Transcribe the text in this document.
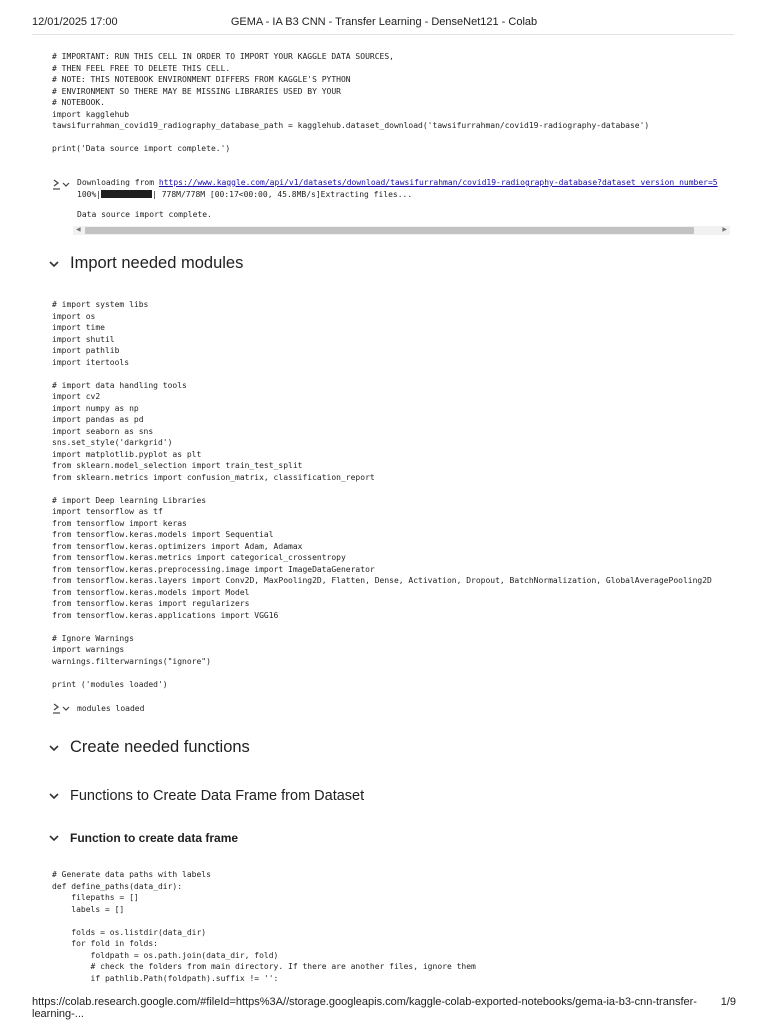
12/01/2025 17:00	GEMA - IA B3 CNN - Transfer Learning - DenseNet121 - Colab
# IMPORTANT: RUN THIS CELL IN ORDER TO IMPORT YOUR KAGGLE DATA SOURCES,
# THEN FEEL FREE TO DELETE THIS CELL.
# NOTE: THIS NOTEBOOK ENVIRONMENT DIFFERS FROM KAGGLE'S PYTHON
# ENVIRONMENT SO THERE MAY BE MISSING LIBRARIES USED BY YOUR
# NOTEBOOK.
import kagglehub
tawsifurrahman_covid19_radiography_database_path = kagglehub.dataset_download('tawsifurrahman/covid19-radiography-database')

print('Data source import complete.')
Downloading from https://www.kaggle.com/api/v1/datasets/download/tawsifurrahman/covid19-radiography-database?dataset_version_number=5
100%|	| 778M/778M [00:17<00:00, 45.8MB/s]Extracting files...
Data source import complete.
◀	▶
Import needed modules
# import system libs
import os
import time
import shutil
import pathlib
import itertools

# import data handling tools
import cv2
import numpy as np
import pandas as pd
import seaborn as sns
sns.set_style('darkgrid')
import matplotlib.pyplot as plt
from sklearn.model_selection import train_test_split
from sklearn.metrics import confusion_matrix, classification_report

# import Deep learning Libraries
import tensorflow as tf
from tensorflow import keras
from tensorflow.keras.models import Sequential
from tensorflow.keras.optimizers import Adam, Adamax
from tensorflow.keras.metrics import categorical_crossentropy
from tensorflow.keras.preprocessing.image import ImageDataGenerator
from tensorflow.keras.layers import Conv2D, MaxPooling2D, Flatten, Dense, Activation, Dropout, BatchNormalization, GlobalAveragePooling2D
from tensorflow.keras.models import Model
from tensorflow.keras import regularizers
from tensorflow.keras.applications import VGG16

# Ignore Warnings
import warnings
warnings.filterwarnings("ignore")

print ('modules loaded')
modules loaded
Create needed functions
Functions to Create Data Frame from Dataset
Function to create data frame
# Generate data paths with labels
def define_paths(data_dir):
filepaths = []
labels = []

folds = os.listdir(data_dir)
for fold in folds:
foldpath = os.path.join(data_dir, fold)
# check the folders from main directory. If there are another files, ignore them
if pathlib.Path(foldpath).suffix != '':
https://colab.research.google.com/#fileId=https%3A//storage.googleapis.com/kaggle-colab-exported-notebooks/gema-ia-b3-cnn-transfer-learning-...
1/9
